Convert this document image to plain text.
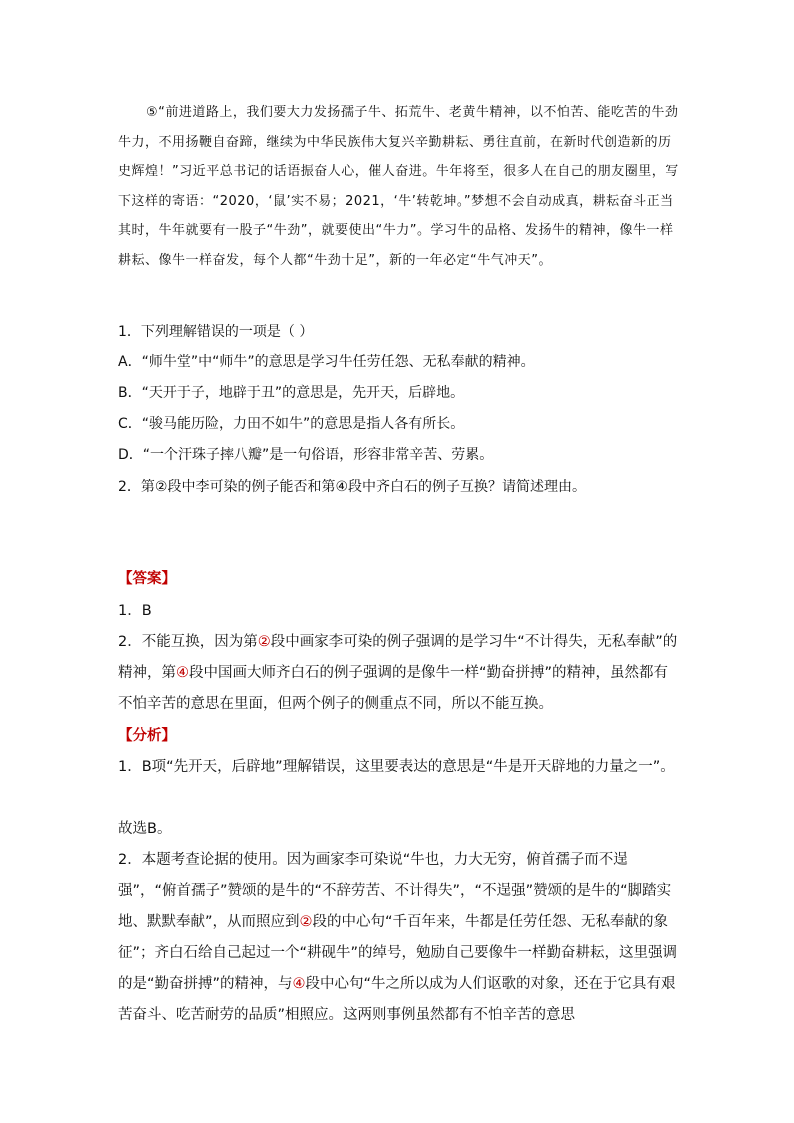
⑤“前进道路上，我们要大力发扬孺子牛、拓荒牛、老黄牛精神，以不怕苦、能吃苦的牛劲牛力，不用扬鞭自奋蹄，继续为中华民族伟大复兴辛勤耕耘、勇往直前，在新时代创造新的历史辉煌！”习近平总书记的话语振奋人心，催人奋进。牛年将至，很多人在自己的朋友圈里，写下这样的寄语：“2020，‘鼠’实不易；2021，‘牛’转乾坤。”梦想不会自动成真，耕耘奋斗正当其时，牛年就要有一股子“牛劲”，就要使出“牛力”。学习牛的品格、发扬牛的精神，像牛一样耕耘、像牛一样奋发，每个人都“牛劲十足”，新的一年必定“牛气冲天”。
1．下列理解错误的一项是（ ）
A．“师牛堂”中“师牛”的意思是学习牛任劳任怨、无私奉献的精神。
B．“天开于子，地辟于丑”的意思是，先开天，后辟地。
C．“骏马能历险，力田不如牛”的意思是指人各有所长。
D．“一个汗珠子摔八瓣”是一句俗语，形容非常辛苦、劳累。
2．第②段中李可染的例子能否和第④段中齐白石的例子互换？请简述理由。
【答案】
1．B
2．不能互换，因为第②段中画家李可染的例子强调的是学习牛“不计得失，无私奉献”的精神，第④段中国画大师齐白石的例子强调的是像牛一样“勤奋拼搏”的精神，虽然都有不怕辛苦的意思在里面，但两个例子的侧重点不同，所以不能互换。
【分析】
1．B项“先开天，后辟地”理解错误，这里要表达的意思是“牛是开天辟地的力量之一”。
故选B。
2．本题考查论据的使用。因为画家李可染说“牛也，力大无穷，俯首孺子而不逞强”，“俯首孺子”赞颂的是牛的“不辞劳苦、不计得失”，“不逞强”赞颂的是牛的“脚踏实地、默默奉献”，从而照应到②段的中心句“千百年来，牛都是任劳任怨、无私奉献的象征”；齐白石给自己起过一个“耕砚牛”的绰号，勉励自己要像牛一样勤奋耕耘，这里强调的是“勤奋拼搏”的精神，与④段中心句“牛之所以成为人们讴歌的对象，还在于它具有艰苦奋斗、吃苦耐劳的品质”相照应。这两则事例虽然都有不怕辛苦的意思
